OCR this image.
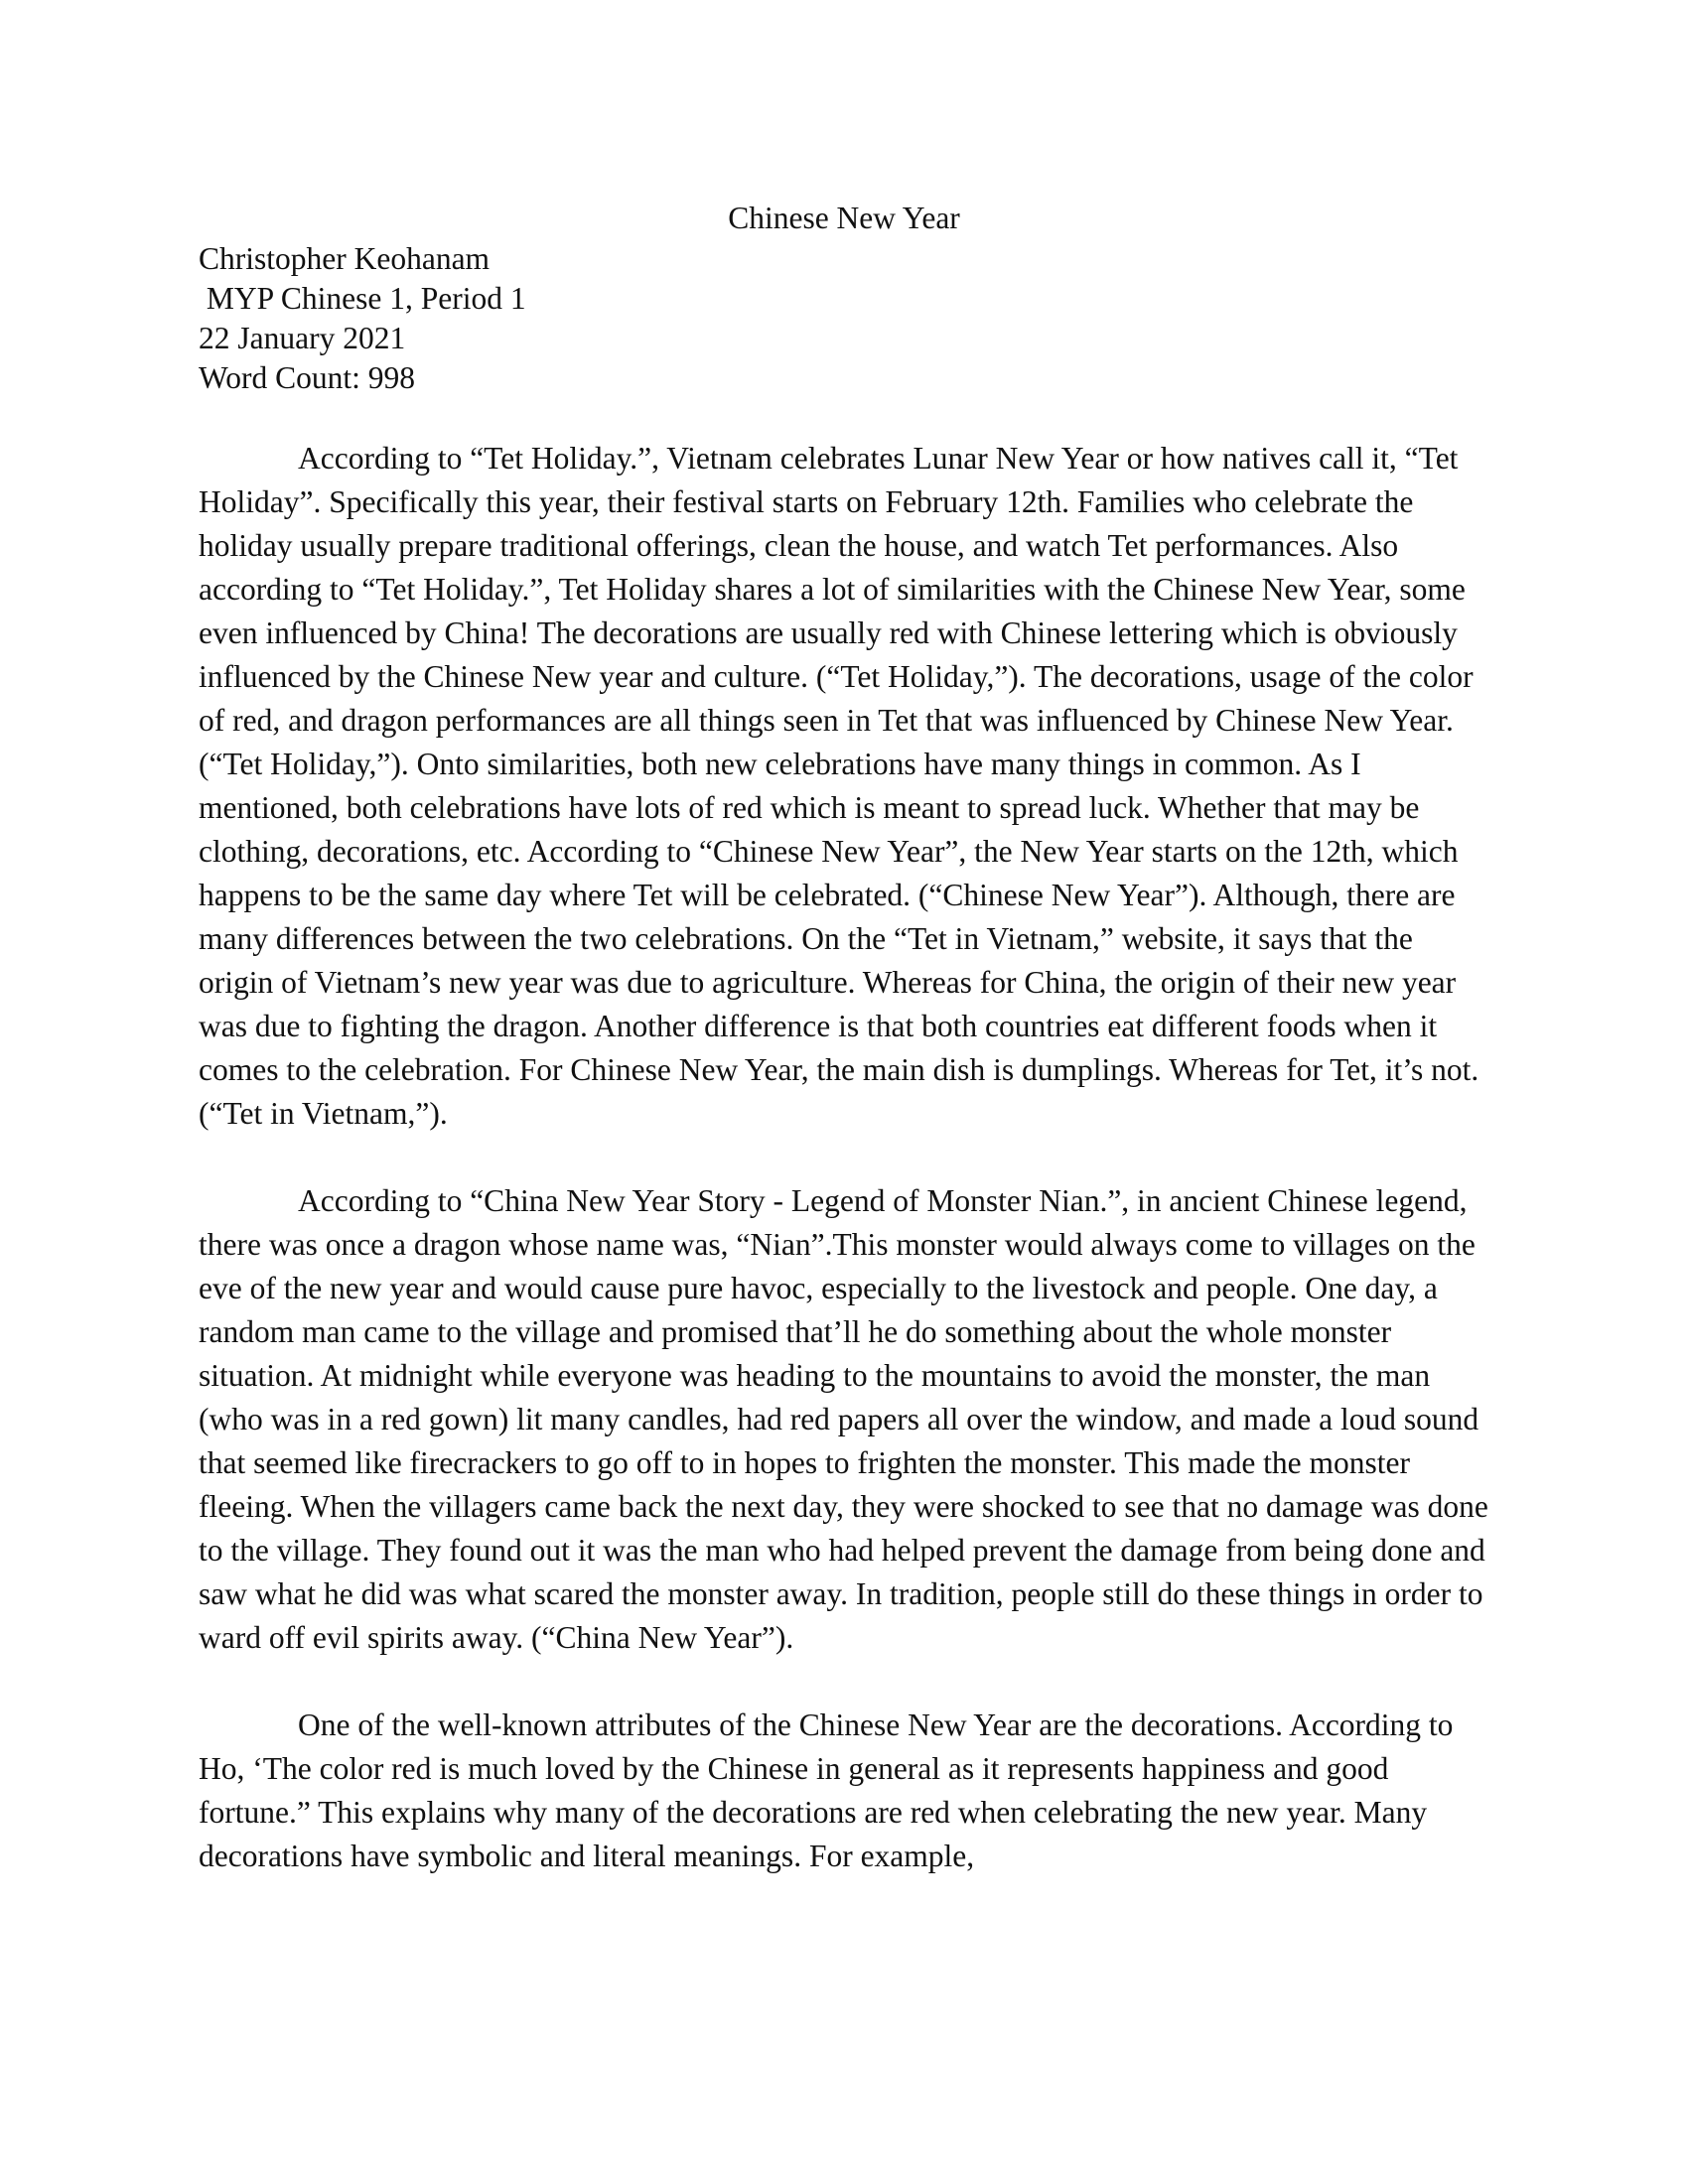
Chinese New Year
Christopher Keohanam
MYP Chinese 1, Period 1
22 January 2021
Word Count: 998

According to “Tet Holiday.”, Vietnam celebrates Lunar New Year or how natives call it, “Tet Holiday”. Specifically this year, their festival starts on February 12th. Families who celebrate the holiday usually prepare traditional offerings, clean the house, and watch Tet performances. Also according to “Tet Holiday.”, Tet Holiday shares a lot of similarities with the Chinese New Year, some even influenced by China! The decorations are usually red with Chinese lettering which is obviously influenced by the Chinese New year and culture. (“Tet Holiday,”). The decorations, usage of the color of red, and dragon performances are all things seen in Tet that was influenced by Chinese New Year. (“Tet Holiday,”). Onto similarities, both new celebrations have many things in common. As I mentioned, both celebrations have lots of red which is meant to spread luck. Whether that may be clothing, decorations, etc. According to “Chinese New Year”, the New Year starts on the 12th, which happens to be the same day where Tet will be celebrated. (“Chinese New Year”). Although, there are many differences between the two celebrations. On the “Tet in Vietnam,” website, it says that the origin of Vietnam’s new year was due to agriculture. Whereas for China, the origin of their new year was due to fighting the dragon. Another difference is that both countries eat different foods when it comes to the celebration. For Chinese New Year, the main dish is dumplings. Whereas for Tet, it’s not. (“Tet in Vietnam,”).

According to “China New Year Story - Legend of Monster Nian.”, in ancient Chinese legend, there was once a dragon whose name was, “Nian”.This monster would always come to villages on the eve of the new year and would cause pure havoc, especially to the livestock and people. One day, a random man came to the village and promised that’ll he do something about the whole monster situation. At midnight while everyone was heading to the mountains to avoid the monster, the man (who was in a red gown) lit many candles, had red papers all over the window, and made a loud sound that seemed like firecrackers to go off to in hopes to frighten the monster. This made the monster fleeing. When the villagers came back the next day, they were shocked to see that no damage was done to the village. They found out it was the man who had helped prevent the damage from being done and saw what he did was what scared the monster away. In tradition, people still do these things in order to ward off evil spirits away. (“China New Year”).

One of the well-known attributes of the Chinese New Year are the decorations. According to Ho, ‘The color red is much loved by the Chinese in general as it represents happiness and good fortune.” This explains why many of the decorations are red when celebrating the new year. Many decorations have symbolic and literal meanings. For example,
